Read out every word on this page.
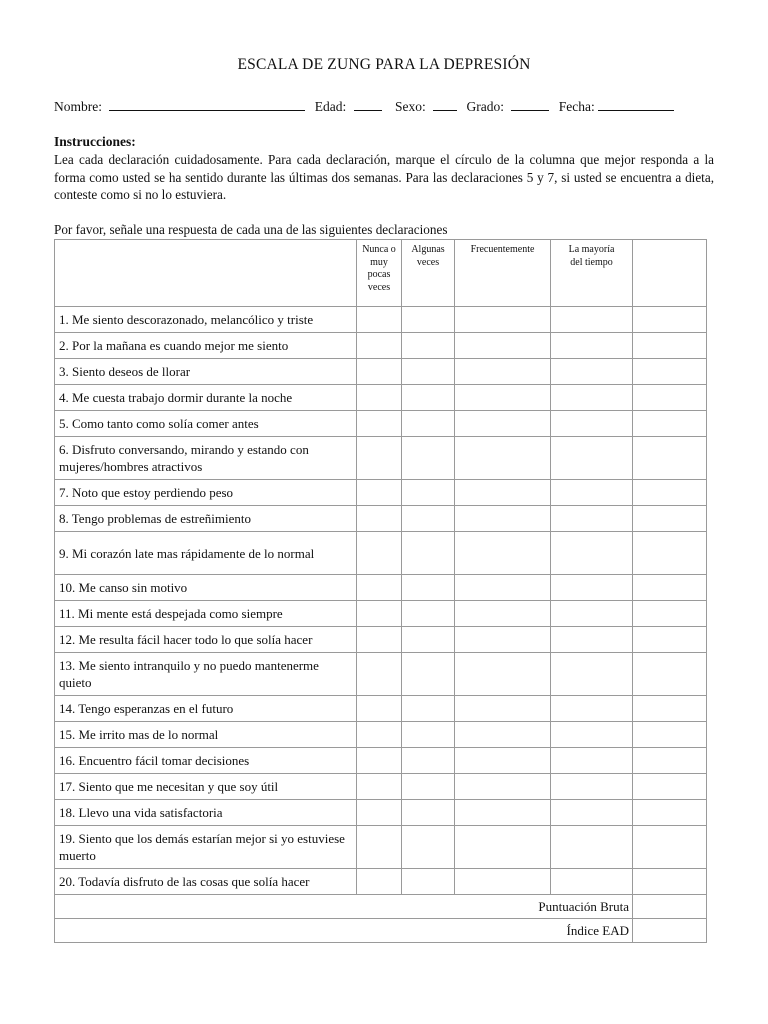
ESCALA DE ZUNG PARA LA DEPRESIÓN
Nombre:	Edad:	Sexo:	Grado:	Fecha:
Instrucciones:
Lea cada declaración cuidadosamente. Para cada declaración, marque el círculo de la columna que mejor responda a la forma como usted se ha sentido durante las últimas dos semanas. Para las declaraciones 5 y 7, si usted se encuentra a dieta, conteste como si no lo estuviera.
Por favor, señale una respuesta de cada una de las siguientes declaraciones
	Nunca o muy pocas veces	Algunas veces	Frecuentemente	La mayoría del tiempo	
1. Me siento descorazonado, melancólico y triste					
2. Por la mañana es cuando mejor me siento					
3. Siento deseos de llorar					
4. Me cuesta trabajo dormir durante la noche					
5. Como tanto como solía comer antes					
6. Disfruto conversando, mirando y estando con mujeres/hombres atractivos					
7. Noto que estoy perdiendo peso					
8. Tengo problemas de estreñimiento					
9. Mi corazón late mas rápidamente de lo normal					
10. Me canso sin motivo					
11. Mi mente está despejada como siempre					
12. Me resulta fácil hacer todo lo que solía hacer					
13. Me siento intranquilo y no puedo mantenerme quieto					
14. Tengo esperanzas en el futuro					
15. Me irrito mas de lo normal					
16. Encuentro fácil tomar decisiones					
17. Siento que me necesitan y que soy útil					
18. Llevo una vida satisfactoria					
19. Siento que los demás estarían mejor si yo estuviese muerto					
20. Todavía disfruto de las cosas que solía hacer					
Puntuación Bruta					
Índice EAD					
